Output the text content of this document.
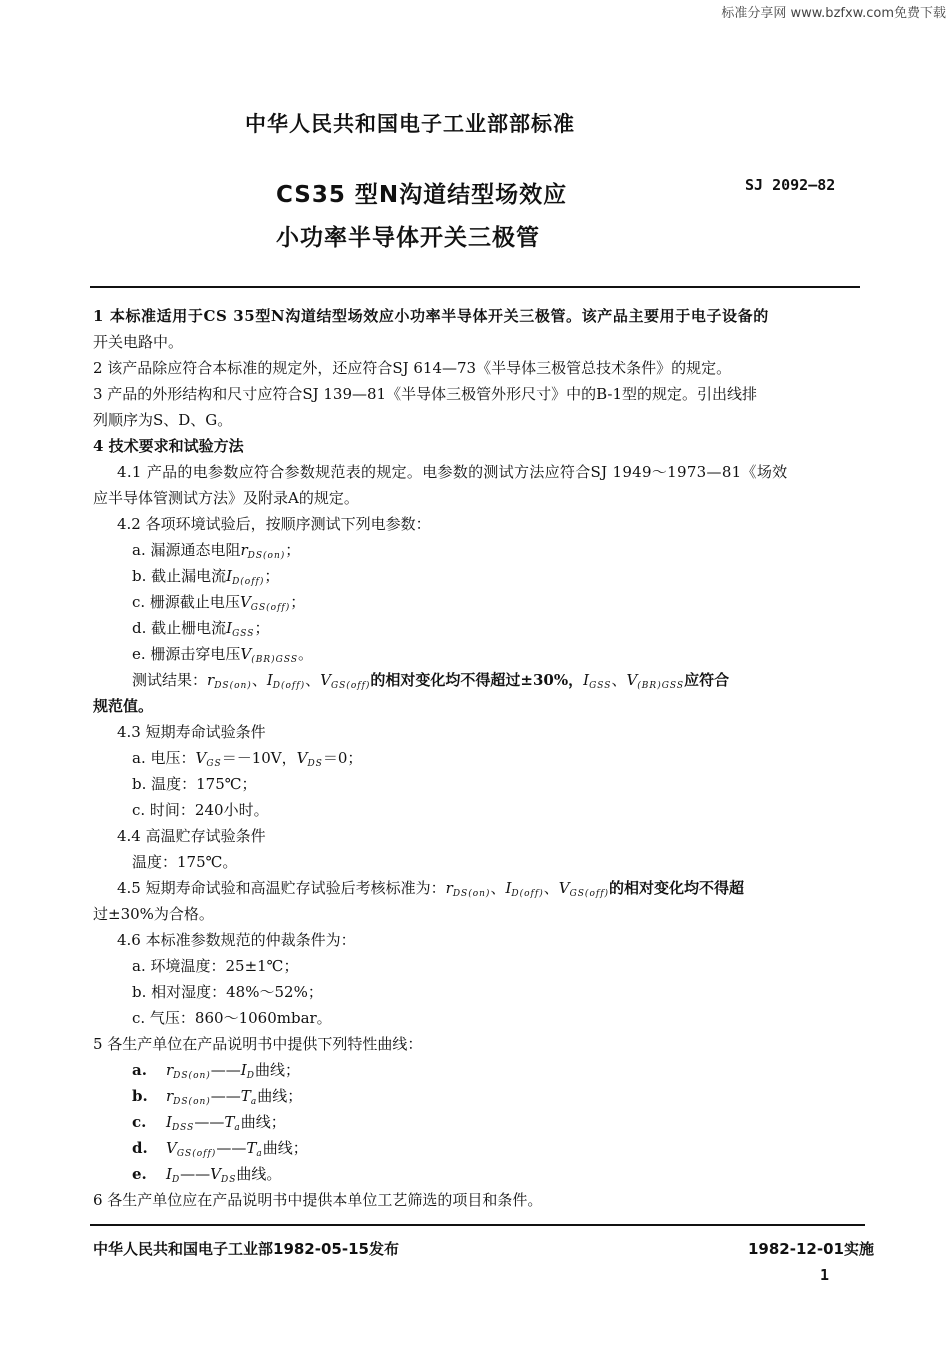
标准分享网 www.bzfxw.com免费下载
中华人民共和国电子工业部部标准
CS35 型N沟道结型场效应
小功率半导体开关三极管
SJ 2092—82
1 本标准适用于CS 35型N沟道结型场效应小功率半导体开关三极管。该产品主要用于电子设备的
开关电路中。
2 该产品除应符合本标准的规定外，还应符合SJ 614—73《半导体三极管总技术条件》的规定。
3 产品的外形结构和尺寸应符合SJ 139—81《半导体三极管外形尺寸》中的B-1型的规定。引出线排
列顺序为S、D、G。
4 技术要求和试验方法
4.1 产品的电参数应符合参数规范表的规定。电参数的测试方法应符合SJ 1949～1973—81《场效
应半导体管测试方法》及附录A的规定。
4.2 各项环境试验后，按顺序测试下列电参数：
a. 漏源通态电阻$r_{DS(on)}$；
b. 截止漏电流$I_{D(off)}$；
c. 栅源截止电压$V_{GS(off)}$；
d. 截止栅电流$I_{GSS}$；
e. 栅源击穿电压$V_{(BR)GSS}$。
测试结果：$r_{DS(on)}$、$I_{D(off)}$、$V_{GS(off)}$的相对变化均不得超过±30%，$I_{GSS}$、$V_{(BR)GSS}$应符合
规范值。
4.3 短期寿命试验条件
a. 电压：$V_{GS}=-10V$，$V_{DS}=0$；
b. 温度：175℃；
c. 时间：240小时。
4.4 高温贮存试验条件
温度：175℃。
4.5 短期寿命试验和高温贮存试验后考核标准为：$r_{DS(on)}$、$I_{D(off)}$、$V_{GS(off)}$的相对变化均不得超
过±30%为合格。
4.6 本标准参数规范的仲裁条件为：
a. 环境温度：25±1℃；
b. 相对湿度：48%～52%；
c. 气压：860～1060mbar。
5 各生产单位在产品说明书中提供下列特性曲线：
a. $r_{DS(on)}——I_D$曲线；
b. $r_{DS(on)}——T_a$曲线；
c. $I_{DSS}——T_a$曲线；
d. $V_{GS(off)}——T_a$曲线；
e. $I_D——V_{DS}$曲线。
6 各生产单位应在产品说明书中提供本单位工艺筛选的项目和条件。
中华人民共和国电子工业部1982-05-15发布	1982-12-01实施
1
